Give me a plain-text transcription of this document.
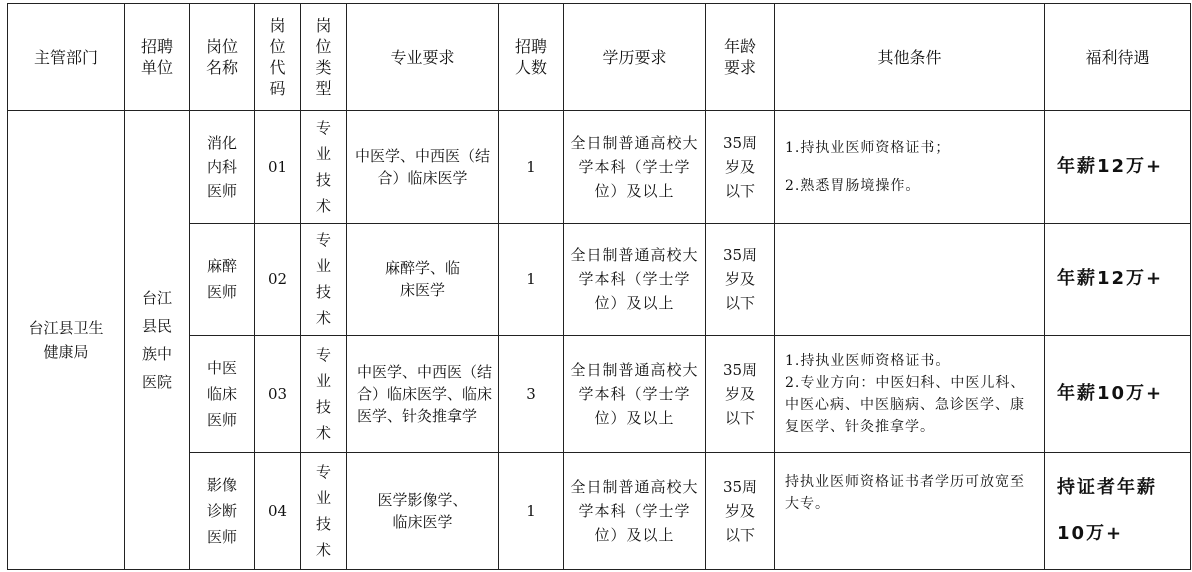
主管部门	招聘单位	岗位名称	岗位代码	岗位类型	专业要求	招聘人数	学历要求	年龄要求	其他条件	福利待遇
台江县卫生健康局	台江县民族中医院	消化内科医师	01	专业技术	中医学、中西医（结合）临床医学	1	全日制普通高校大学本科（学士学位）及以上	35周岁及以下	1.持执业医师资格证书；

2.熟悉胃肠境操作。	年薪12万+
		麻醉医师	02	专业技术	麻醉学、临床医学	1	全日制普通高校大学本科（学士学位）及以上	35周岁及以下		年薪12万+
		中医临床医师	03	专业技术	中医学、中西医（结合）临床医学、临床医学、针灸推拿学	3	全日制普通高校大学本科（学士学位）及以上	35周岁及以下	1.持执业医师资格证书。

2.专业方向：中医妇科、中医儿科、中医心病、中医脑病、急诊医学、康复医学、针灸推拿学。	年薪10万+
		影像诊断医师	04	专业技术	医学影像学、临床医学	1	全日制普通高校大学本科（学士学位）及以上	35周岁及以下	持执业医师资格证书者学历可放宽至大专。	持证者年薪10万+
